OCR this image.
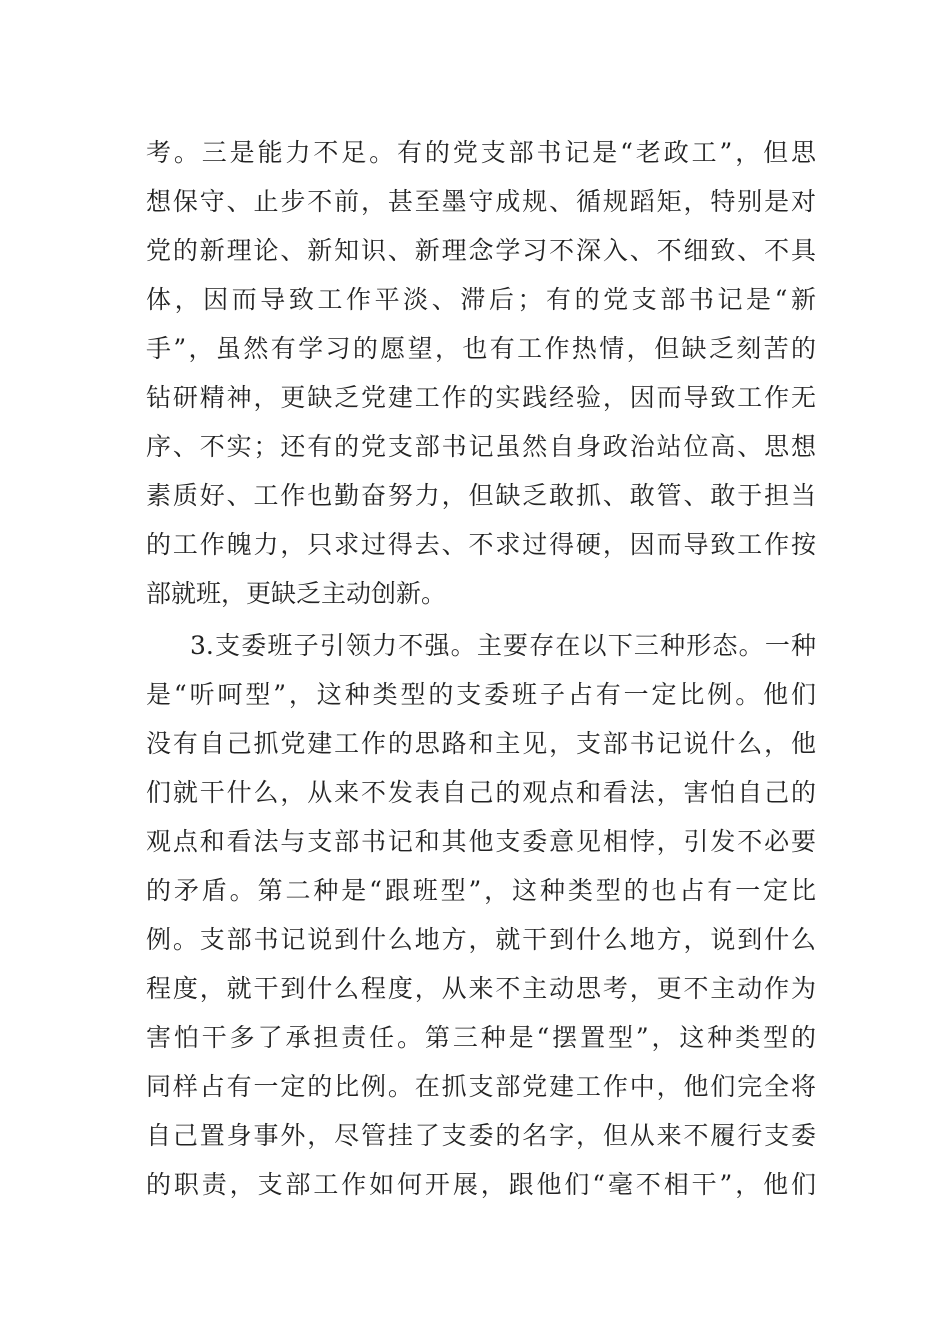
考。三是能力不足。有的党支部书记是“老政工”，但思
想保守、止步不前，甚至墨守成规、循规蹈矩，特别是对
党的新理论、新知识、新理念学习不深入、不细致、不具
体，因而导致工作平淡、滞后；有的党支部书记是“新
手”，虽然有学习的愿望，也有工作热情，但缺乏刻苦的
钻研精神，更缺乏党建工作的实践经验，因而导致工作无
序、不实；还有的党支部书记虽然自身政治站位高、思想
素质好、工作也勤奋努力，但缺乏敢抓、敢管、敢于担当
的工作魄力，只求过得去、不求过得硬，因而导致工作按
部就班，更缺乏主动创新。
3.支委班子引领力不强。主要存在以下三种形态。一种
是“听呵型”，这种类型的支委班子占有一定比例。他们
没有自己抓党建工作的思路和主见，支部书记说什么，他
们就干什么，从来不发表自己的观点和看法，害怕自己的
观点和看法与支部书记和其他支委意见相悖，引发不必要
的矛盾。第二种是“跟班型”，这种类型的也占有一定比
例。支部书记说到什么地方，就干到什么地方，说到什么
程度，就干到什么程度，从来不主动思考，更不主动作为
害怕干多了承担责任。第三种是“摆置型”，这种类型的
同样占有一定的比例。在抓支部党建工作中，他们完全将
自己置身事外，尽管挂了支委的名字，但从来不履行支委
的职责，支部工作如何开展，跟他们“毫不相干”，他们
